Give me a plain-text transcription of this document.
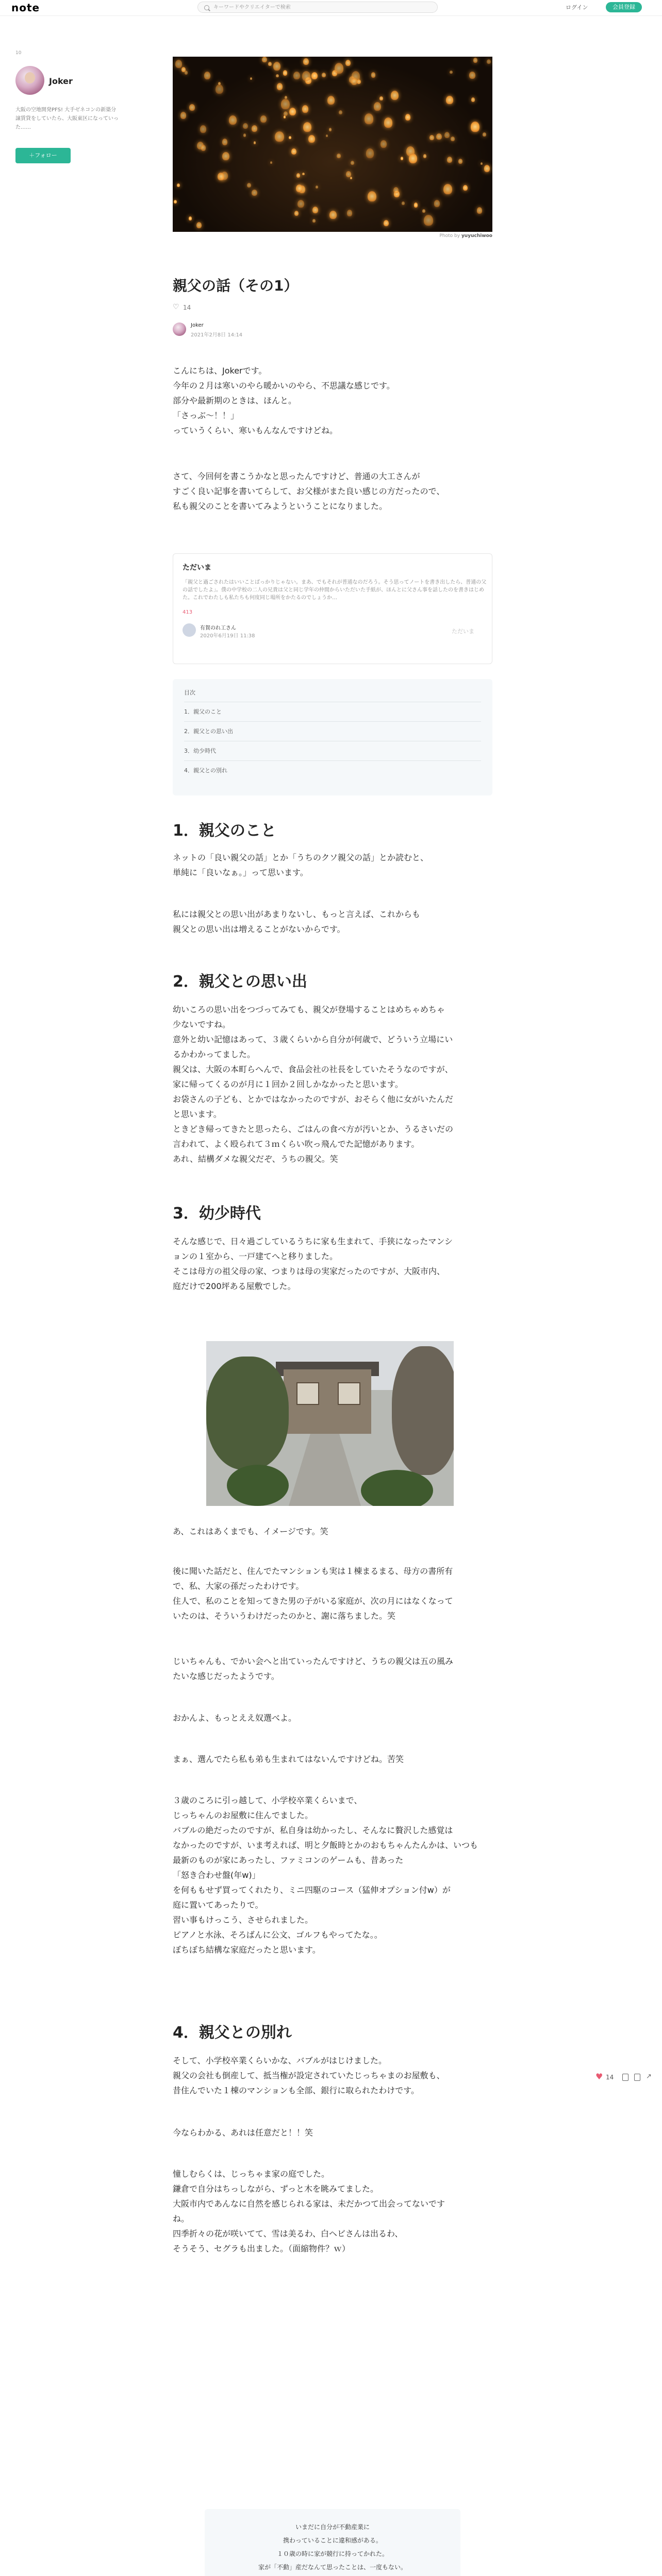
note	キーワードやクリエイターで検索	ログイン	会員登録
10
Joker
大阪の空地開発PFS! 大手ゼネコンの新築分譲賃貸をしていたら、大阪東区になっていった……
＋フォロー
Photo by yuyuchiwoo
親父の話（その1）
♡14
Joker
2021年2月8日 14:14
こんにちは、Jokerです。
今年の２月は寒いのやら暖かいのやら、不思議な感じです。
部分や最新期のときは、ほんと。
「さっぶ〜！！」
っていうくらい、寒いもんなんですけどね。
さて、今回何を書こうかなと思ったんですけど、普通の大工さんが
すごく良い記事を書いてらして、お父様がまた良い感じの方だったので、
私も親父のことを書いてみようということになりました。
ただいま
「親父と過ごされたはいいことばっかりじゃない。まあ、でもそれが普通なのだろう。そう思ってノートを書き出したら、普通の父の話でしたよ」。僕の中学校の二人の兄貴は父と同じ学年の仲間からいただいた手紙が、ほんとに父さん事を話したのを書きはじめた。これでわたしも私たちも何度同じ場所をかたるのでしょうか…
413
有賀のれ工さん
2020年6月19日 11:38
ただいま
目次
1．親父のこと
2．親父との思い出
3．幼少時代
4．親父との別れ
1．親父のこと
ネットの「良い親父の話」とか「うちのクソ親父の話」とか読むと、
単純に「良いなぁ。」って思います。
私には親父との思い出があまりないし、もっと言えば、これからも
親父との思い出は増えることがないからです。
2．親父との思い出
幼いころの思い出をつづってみても、親父が登場することはめちゃめちゃ
少ないですね。
意外と幼い記憶はあって、３歳くらいから自分が何歳で、どういう立場にい
るかわかってました。
親父は、大阪の本町らへんで、食品会社の社長をしていたそうなのですが、
家に帰ってくるのが月に１回か２回しかなかったと思います。
お袋さんの子ども、とかではなかったのですが、おそらく他に女がいたんだ
と思います。
ときどき帰ってきたと思ったら、ごはんの食べ方が汚いとか、うるさいだの
言われて、よく殴られて３ｍくらい吹っ飛んでた記憶があります。
あれ、結構ダメな親父だぞ、うちの親父。笑
3．幼少時代
そんな感じで、日々過ごしているうちに家も生まれて、手狭になったマンシ
ョンの１室から、一戸建てへと移りました。
そこは母方の祖父母の家、つまりは母の実家だったのですが、大阪市内、
庭だけで200坪ある屋敷でした。
あ、これはあくまでも、イメージです。笑
後に聞いた話だと、住んでたマンションも実は１棟まるまる、母方の書所有
で、私、大家の孫だったわけです。
住人で、私のことを知ってきた男の子がいる家庭が、次の月にはなくなって
いたのは、そういうわけだったのかと、謝に落ちました。笑
じいちゃんも、でかい会へと出ていったんですけど、うちの親父は五の風み
たいな感じだったようです。
おかんよ、もっとええ奴選べよ。
まぁ、選んでたら私も弟も生まれてはないんですけどね。苦笑
３歳のころに引っ越して、小学校卒業くらいまで、
じっちゃんのお屋敷に住んでました。
バブルの絶だったのですが、私自身は幼かったし、そんなに贅沢した感覚は
なかったのですが、いま考えれば、明と夕飯時とかのおもちゃんたんかは、いつも
最新のものが家にあったし、ファミコンのゲームも、昔あった
「怒き合わせ盤(年w)」
を何ももせず買ってくれたり、ミニ四駆のコース（猛伸オプション付w）が
庭に置いてあったりで。
習い事もけっこう、させられました。
ピアノと水泳、そろばんに公文、ゴルフもやってたな。。
ぼちぼち結構な家庭だったと思います。
4．親父との別れ
そして、小学校卒業くらいかな、バブルがはじけました。
親父の会社も倒産して、抵当権が設定されていたじっちゃまのお屋敷も、
昔住んでいた１棟のマンションも全部、銀行に取られたわけです。
今ならわかる、あれは任意だと！！笑
憧しむらくは、じっちゃま家の庭でした。
鎌倉で自分はちっしながら、ずっと木を眺みてました。
大阪市内であんなに自然を感じられる家は、未だかつて出会ってないです
ね。
四季折々の花が咲いてて、雪は美るわ、白ヘビさんは出るわ、
そうそう、セグラも出ました。（面縮物件？ｗ）
いまだに自分が不動産業に
携わっていることに違和感がある。
１０歳の時に家が競行に持ってかれた。
家が「不動」産だなんて思ったことは、一度もない。

♥ 14	↗
